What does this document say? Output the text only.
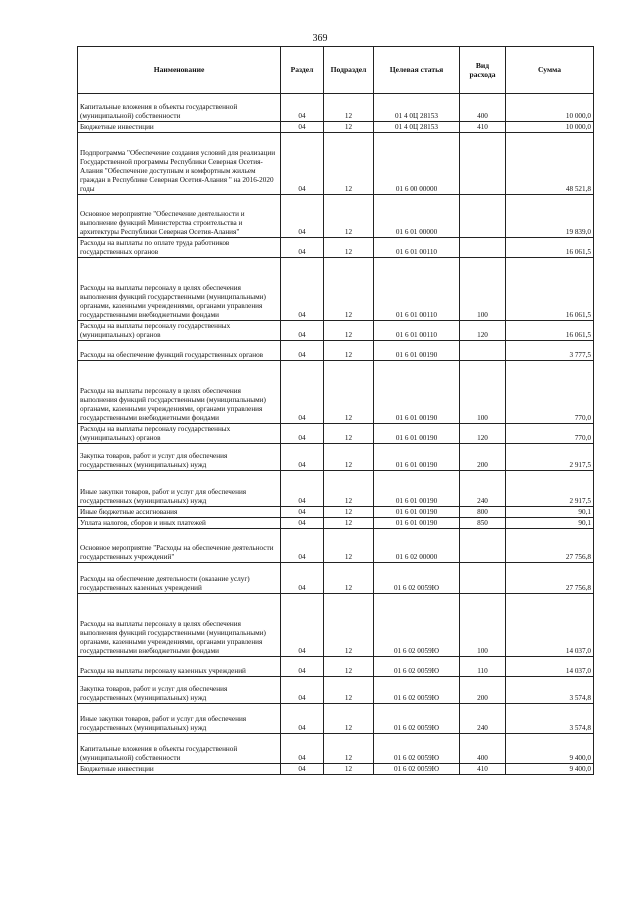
369
Наименование	Раздел	Подраздел	Целевая статья	Вид расхода	Сумма
Капитальные вложения в объекты государственной (муниципальной) собственности	04	12	01 4 0Ц 28153	400	10 000,0
Бюджетные инвестиции	04	12	01 4 0Ц 28153	410	10 000,0
Подпрограмма "Обеспечение создания условий для реализации Государственной программы Республики Северная Осетия-Алания "Обеспечение доступным и комфортным жильем граждан в Республике Северная Осетия-Алания " на 2016-2020 годы	04	12	01 6 00 00000		48 521,8
Основное мероприятие "Обеспечение деятельности и выполнение функций Министерства строительства и архитектуры Республики Северная Осетия-Алания"	04	12	01 6 01 00000		19 839,0
Расходы на выплаты по оплате труда работников государственных органов	04	12	01 6 01 00110		16 061,5
Расходы на выплаты персоналу в целях обеспечения выполнения функций государственными (муниципальными) органами, казенными учреждениями, органами управления государственными внебюджетными фондами	04	12	01 6 01 00110	100	16 061,5
Расходы на выплаты персоналу государственных (муниципальных) органов	04	12	01 6 01 00110	120	16 061,5
Расходы на обеспечение функций государственных органов	04	12	01 6 01 00190		3 777,5
Расходы на выплаты персоналу в целях обеспечения выполнения функций государственными (муниципальными) органами, казенными учреждениями, органами управления государственными внебюджетными фондами	04	12	01 6 01 00190	100	770,0
Расходы на выплаты персоналу государственных (муниципальных) органов	04	12	01 6 01 00190	120	770,0
Закупка товаров, работ и услуг для обеспечения государственных (муниципальных) нужд	04	12	01 6 01 00190	200	2 917,5
Иные закупки товаров, работ и услуг для обеспечения государственных (муниципальных) нужд	04	12	01 6 01 00190	240	2 917,5
Иные бюджетные ассигнования	04	12	01 6 01 00190	800	90,1
Уплата налогов, сборов и иных платежей	04	12	01 6 01 00190	850	90,1
Основное мероприятие "Расходы на обеспечение деятельности государственных учреждений"	04	12	01 6 02 00000		27 756,8
Расходы на обеспечение деятельности (оказание услуг) государственных казенных учреждений	04	12	01 6 02 0059Ю		27 756,8
Расходы на выплаты персоналу в целях обеспечения выполнения функций государственными (муниципальными) органами, казенными учреждениями, органами управления государственными внебюджетными фондами	04	12	01 6 02 0059Ю	100	14 037,0
Расходы на выплаты персоналу казенных учреждений	04	12	01 6 02 0059Ю	110	14 037,0
Закупка товаров, работ и услуг для обеспечения государственных (муниципальных) нужд	04	12	01 6 02 0059Ю	200	3 574,8
Иные закупки товаров, работ и услуг для обеспечения государственных (муниципальных) нужд	04	12	01 6 02 0059Ю	240	3 574,8
Капитальные вложения в объекты государственной (муниципальной) собственности	04	12	01 6 02 0059Ю	400	9 400,0
Бюджетные инвестиции	04	12	01 6 02 0059Ю	410	9 400,0
